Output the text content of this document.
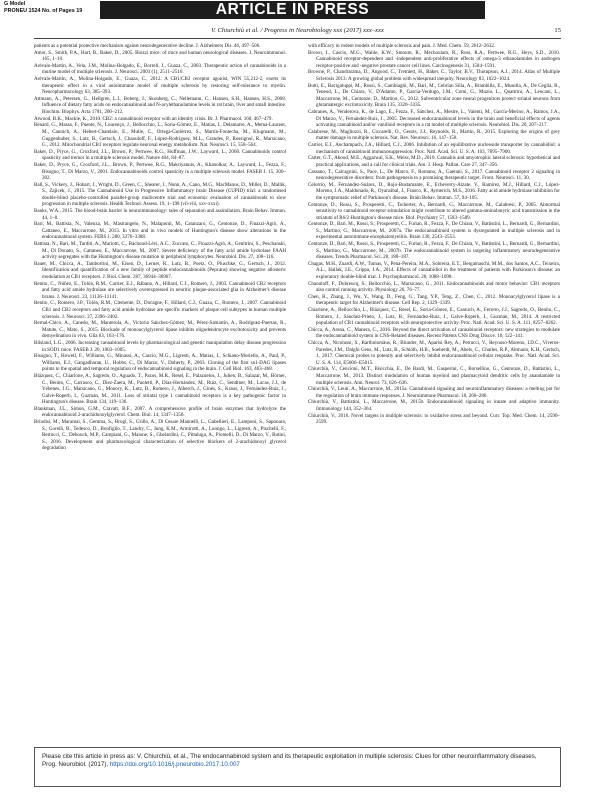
G Model
PRONEU 1524 No. of Pages 19	ARTICLE IN PRESS
V. Chiurchiù et al. / Progress in Neurobiology xxx (2017) xxx–xxx	15
patients as a potential protective mechanism against neurodegenerative decline. J. Alzheimers Dis. 46, 497–506.
Amor, S., Smith, P.A., Hart, B., Baker, D., 2005. Biozzi mice: of mice and human neurological diseases. J. Neuroimmunol. 165, 1–10.
Arévalo-Martín, A., Vela, J.M., Molina-Holgado, E., Borrell, J., Guaza, C., 2003. Therapeutic action of cannabinoids in a murine model of multiple sclerosis. J. Neurosci. 2003 (1), 2511–2516.
Arévalo-Martín, A., Molina-Holgado, E., Guaza, C., 2012. A CB1/CB2 receptor agonist, WIN 55,212-2, exerts its therapeutic effect in a viral autoimmune model of multiple sclerosis by restoring self-tolerance to myelin. Neuropharmacology 63, 385–393.
Attmann, A., Petersen, G., Hellgren, L.I., Boberg, J., Skonberg, C., Nellemann, C., Hansen, S.H., Hansen, H.S., 2008. Influence of dietary fatty acids on endocannabinoid and N-acylethanolamine levels in rat brain, liver and small intestine. Biochim. Biophys. Acta 1781, 200–212.
Atwood, B.K., Mackie, K., 2010. CB2: a cannabinoid receptor with an identity crisis. Br. J. Pharmacol. 160, 467–479.
Bénard, G., Massa, F., Puente, N., Lourenço, J., Bellocchio, L., Soria-Gómez, E., Matias, I., Delamarre, A., Metna-Laurent, M., Cannich, A., Hebert-Chatelain, E., Mulle, C., Ortega-Gutiérrez, S., Martín-Fontecha, M., Klugmann, M., Guggenhuber, S., Lutz, B., Gertsch, J., Chaouloff, F., López-Rodríguez, M.L., Grandes, P., Rossignol, R., Marsicano, G., 2012. Mitochondrial CB1 receptors regulate neuronal energy metabolism. Nat. Neurosci. 15, 558–564.
Baker, D., Pryce, G., Croxford, J.L., Brown, P., Pertwee, R.G., Huffman, J.W., Layward, L., 2000. Cannabinoids control spasticity and tremor in a multiple sclerosis model. Nature 404, 84–87.
Baker, D., Pryce, G., Croxford, J.L., Brown, P., Pertwee, R.G., Makriyannis, A., Khanolkar, A., Layward, L., Fezza, F., Bisogno, T., Di Marzo, V., 2001. Endocannabinoids control spasticity in a multiple sclerosis model. FASEB J. 15, 300–302.
Ball, S., Vickery, J., Hobart, J., Wright, D., Green, C., Shearer, J., Nunn, A., Cano, M.G., MacManus, D., Miller, D., Mallik, S., Zajicek, J., 2015. The Cannabinoid Use in Progressive Inflammatory brain Disease (CUPID) trial: a randomised double-blind placebo-controlled parallel-group multicentre trial and economic evaluation of cannabinoids to slow progression in multiple sclerosis. Health Technol. Assess. 19, 1–198 (vii-viii, xxv-xxxi).
Banks, W.A., 2015. The blood-brain barrier in neuroimmunology: tales of separation and assimilation. Brain Behav. Immun. 44, 1–8.
Bari, M., Battista, N., Valenza, M., Mastrangelo, N., Malaponti, M., Catanzaro, G., Centonze, D., Finazzi-Agrò, A., Cattaneo, E., Maccarrone, M., 2013. In vitro and in vivo models of Huntington's disease show alterations in the endocannabinoid system. FEBS J. 280, 3376–3388.
Battista, N., Bari, M., Tarditi, A., Mariotti, C., Bachoud-Lévi, A.C., Zuccato, C., Finazzi-Agrò, A., Genitrini, S., Peschanski, M., Di Donato, S., Cattaneo, E., Maccarrone, M., 2007. Severe deficiency of the fatty acid amide hydrolase FAAH activity segregates with the Huntington's disease mutation in peripheral lymphocytes. Neurobiol. Dis. 27, 108–116.
Bauer, M., Chicca, A., Tamborrini, M., Eisen, D., Lerner, R., Lutz, B., Poetz, O., Pluschke, G., Gertsch, J., 2012. Identification and quantification of a new family of peptide endocannabinoids (Pepcans) showing negative allosteric modulation at CB1 receptors. J. Biol. Chem. 287, 36944–36967.
Benito, C., Núñez, E., Tolón, R.M., Carrier, E.J., Rábano, A., Hillard, C.J., Romero, J., 2003. Cannabinoid CB2 receptors and fatty acid amide hydrolase are selectively overexpressed in neuritic plaque-associated glia in Alzheimer's disease brains. J. Neurosci. 23, 11136–11141.
Benito, C., Romero, J.P., Tolón, R.M., Clemente, D., Docagne, F., Hillard, C.J., Guaza, C., Romero, J., 2007. Cannabinoid CB1 and CB2 receptors and fatty acid amide hydrolase are specific markers of plaque cell subtypes in human multiple sclerosis. J. Neurosci. 27, 2396–2402.
Bernal-Chico, A., Canedo, M., Manterola, A., Victoria Sánchez-Gómez, M., Pérez-Samartín, A., Rodríguez-Puertas, R., Matute, C., Mato, S., 2015. Blockade of monoacylglycerol lipase inhibits oligodendrocyte excitotoxicity and prevents demyelination in vivo. Glia 63, 163–176.
Bilsland, L.G., 2006. Increasing cannabinoid levels by pharmacological and genetic manipulation delay disease progression in SOD1 mice. FASEB J. 20, 1003–1005.
Bisogno, T., Howell, F., Williams, G., Minassi, A., Cascio, M.G., Ligresti, A., Matias, I., Schiano-Moriello, A., Paul, P., Williams, E.J., Gangadharan, U., Hobbs, C., Di Marzo, V., Doherty, P., 2003. Cloning of the first sn1-DAG lipases points to the spatial and temporal regulation of endocannabinoid signaling in the brain. J. Cell Biol. 163, 463–468.
Blázquez, C., Chiarlone, A., Sagredo, O., Aguado, T., Pazos, M.R., Resel, E., Palazuelos, J., Julien, B., Salazar, M., Börner, C., Benito, C., Carrasco, C., Diez-Zaera, M., Paoletti, P., Díaz-Hernández, M., Ruiz, C., Sendtner, M., Lucas, J.J., de Yébenes, J.G., Marsicano, G., Monory, K., Lutz, B., Romero, J., Alberch, J., Ginés, S., Kraus, J., Fernández-Ruiz, J., Galve-Roperh, I., Guzmán, M., 2011. Loss of striatal type 1 cannabinoid receptors is a key pathogenic factor in Huntington's disease. Brain 134, 119–136.
Blankman, J.L., Simon, G.M., Cravatt, B.F., 2007. A comprehensive profile of brain enzymes that hydrolyze the endocannabinoid 2-arachidonoylglycerol. Chem. Biol. 14, 1347–1356.
Brindisi, M., Maramai, S., Gemma, S., Brogi, S., Grillo, A., Di Cesare Mannelli, L., Gabellieri, E., Lamponi, S., Saponara, S., Gorelli, B., Tedesco, D., Bonfiglio, T., Landry, C., Jung, K.M., Armirotti, A., Luongo, L., Ligresti, A., Piscitelli, F., Bertucci, C., Dehouck, M.P., Campiani, G., Maione, S., Ghelardini, C., Pittaluga, A., Piomelli, D., Di Marzo, V., Butini, S., 2016. Development and pharmacological characterization of selective blockers of 2-arachidonoyl glycerol degradation
with efficacy in rodent models of multiple sclerosis and pain. J. Med. Chem. 59, 2612–2632.
Brown, I., Cascio, M.G., Wahle, K.W., Smoum, R., Mechoulam, R., Ross, R.A., Pertwee, R.G., Heys, S.D., 2010. Cannabinoid receptor-dependent and -independent anti-proliferative effects of omega-3 ethanolamides in androgen receptor-positive and -negative prostate cancer cell lines. Carcinogenesis 31, 1584–1591.
Browne, P., Chandraratna, D., Angood, C., Tremlett, H., Baker, C., Taylor, B.V., Thompson, A.J., 2014. Atlas of Multiple Sclerosis 2013: A growing global problem with widespread inequity. Neurology 83, 1022–1024.
Butti, E., Bacigaluppi, M., Rossi, S., Cambiaghi, M., Bari, M., Cebrian Silla, A., Brambilla, E., Musella, A., De Ceglia, R., Teneud, L., De Chiara, V., D'Adamo, P., García-Verdugo, J.M., Comi, G., Muzio, L., Quattrini, A., Leocani, L., Maccarrone, M., Centonze, D., Martino, G., 2012. Subventricular zone neural progenitors protect striatal neurons from glutamatergic excitotoxicity. Brain 135, 3320–3335.
Cabranes, A., Venderova, K., de Lago, E., Fezza, F., Sánchez, A., Mestre, L., Valenti, M., García-Merino, A., Ramos, J.A., Di Marzo, V., Fernández-Ruiz, J., 2005. Decreased endocannabinoid levels in the brain and beneficial effects of agents activating cannabinoid and/or vanilloid receptors in a rat model of multiple sclerosis. Neurobiol. Dis. 20, 207–217.
Calabrese, M., Magliozzi, R., Ciccarelli, O., Geurts, J.J., Reynolds, R., Martin, R., 2015. Exploring the origins of grey matter damage in multiple sclerosis. Nat. Rev. Neurosci. 16, 147–158.
Carrier, E.J., Auchampach, J.A., Hillard, C.J., 2006. Inhibition of an equilibrative nucleoside transporter by cannabidiol: a mechanism of cannabinoid immunosuppression. Proc. Natl. Acad. Sci. U. S. A. 103, 7895–7900.
Carter, G.T., Abood, M.E., Aggarwal, S.K., Weiss, M.D., 2010. Cannabis and amyotrophic lateral sclerosis: hypothetical and practical applications, and a call for clinical trials. Am. J. Hosp. Palliat. Care 27, 347–356.
Cassano, T., Calcagnini, S., Pace, L., De Marco, F., Romano, A., Gaetani, S., 2017. Cannabinoid receptor 2 signaling in neurodegenerative disorders: from pathogenesis to a promising therapeutic target. Front. Neurosci. 11, 30.
Celorrio, M., Fernández-Suárez, D., Rojo-Bustamante, E., Echeverry-Alzate, V., Ramírez, M.J., Hillard, C.J., López-Moreno, J.A., Maldonado, R., Oyarzábal, J., Franco, R., Aymerich, M.S., 2016. Fatty acid amide hydrolase inhibition for the symptomatic relief of Parkinson's disease. Brain Behav. Immun. 57, 94–105.
Centonze, D., Rossi, S., Prosperetti, C., Tscherter, A., Bernardi, G., Maccarrone, M., Calabresi, P., 2005. Abnormal sensitivity to cannabinoid receptor stimulation might contribute to altered gamma-aminobutyric acid transmission in the striatum of R6/2 Huntington's disease mice. Biol. Psychiatry 57, 1583–1589.
Centonze, D., Bari, M., Rossi, S., Prosperetti, C., Furlan, R., Fezza, F., De Chiara, V., Battistini, L., Bernardi, G., Bernardini, S., Martino, G., Maccarrone, M., 2007a. The endocannabinoid system is dysregulated in multiple sclerosis and in experimental autoimmune encephalomyelitis. Brain 130, 2543–2553.
Centonze, D., Bari, M., Rossi, S., Prosperetti, C., Furlan, R., Fezza, F., De Chiara, V., Battistini, L., Bernardi, G., Bernardini, S., Martino, G., Maccarrone, M., 2007b. The endocannabinoid system in targeting inflammatory neurodegenerative diseases. Trends Pharmacol. Sci. 28, 180–187.
Chagas, M.H., Zuardi, A.W., Tumas, V., Pena-Pereira, M.A., Sobreira, E.T., Bergamaschi, M.M., dos Santos, A.C., Teixeira, A.L., Hallak, J.E., Crippa, J.A., 2014. Effects of cannabidiol in the treatment of patients with Parkinson's disease: an exploratory double-blind trial. J. Psychopharmacol. 28, 1088–1098.
Chaouloff, F., Dubreucq, S., Bellocchio, L., Marsicano, G., 2011. Endocannabinoids and motor behavior: CB1 receptors also control running activity. Physiology 26, 76–77.
Chen, R., Zhang, J., Wu, Y., Wang, D., Feng, G., Tang, Y.P., Teng, Z., Chen, C., 2012. Monoacylglycerol lipase is a therapeutic target for Alzheimer's disease. Cell Rep. 2, 1329–1339.
Chiarlone, A., Bellocchio, L., Blázquez, C., Resel, E., Soria-Gómez, E., Cannich, A., Ferrero, J.J., Sagredo, O., Benito, C., Romero, J., Sánchez-Prieto, J., Lutz, B., Fernández-Ruiz, J., Galve-Roperh, I., Guzmán, M., 2014. A restricted population of CB1 cannabinoid receptors with neuroprotective activity. Proc. Natl. Acad. Sci. U. S. A. 111, 8257–8262.
Chicca, A., Arena, C., Manera, C., 2016. Beyond the direct activation of cannabinoid receptors: new strategies to modulate the endocannabinoid system in CNS-Related diseases. Recent Patents CNS Drug Discov. 10, 122–141.
Chicca, A., Nicolussi, S., Bartholomäus, R., Blunder, M., Aparisi Rey, A., Petrucci, V., Reynoso-Moreno, I.D.C., Viveros-Paredes, J.M., Dalghi Gens, M., Lutz, B., Schiöth, H.B., Soeberdt, M., Abels, C., Charles, R.P., Altmann, K.H., Gertsch, J., 2017. Chemical probes to potently and selectively inhibit endocannabinoid cellular reuptake. Proc. Natl. Acad. Sci. U. S. A. 114, E5006–E5015.
Chiurchiù, V., Cencioni, M.T., Bisicchia, E., De Bardi, M., Gasperini, C., Borsellino, G., Centonze, D., Battistini, L., Maccarrone, M., 2013. Distinct modulation of human myeloid and plasmacytoid dendritic cells by anandamide in multiple sclerosis. Ann. Neurol. 73, 626–636.
Chiurchiù, V., Leuti, A., Maccarrone, M., 2015a. Cannabinoid signaling and neuroinflammatory diseases: a melting pot for the regulation of brain immune responses. J. Neuroimmune Pharmacol. 10, 268–280.
Chiurchiù, V., Battistini, L., Maccarrone, M., 2015b. Endocannabinoid signaling in innate and adaptive immunity. Immunology 144, 352–364.
Chiurchiù, V., 2016. Novel targets in multiple sclerosis: to oxidative stress and beyond. Curr. Top. Med. Chem. 14, 2590–2599.
Please cite this article in press as: V. Chiurchiù, et al., The endocannabinoid system and its therapeutic exploitation in multiple sclerosis: Clues for other neuroinflammatory diseases, Prog. Neurobiol. (2017), https://doi.org/10.1016/j.pneurobio.2017.10.007
